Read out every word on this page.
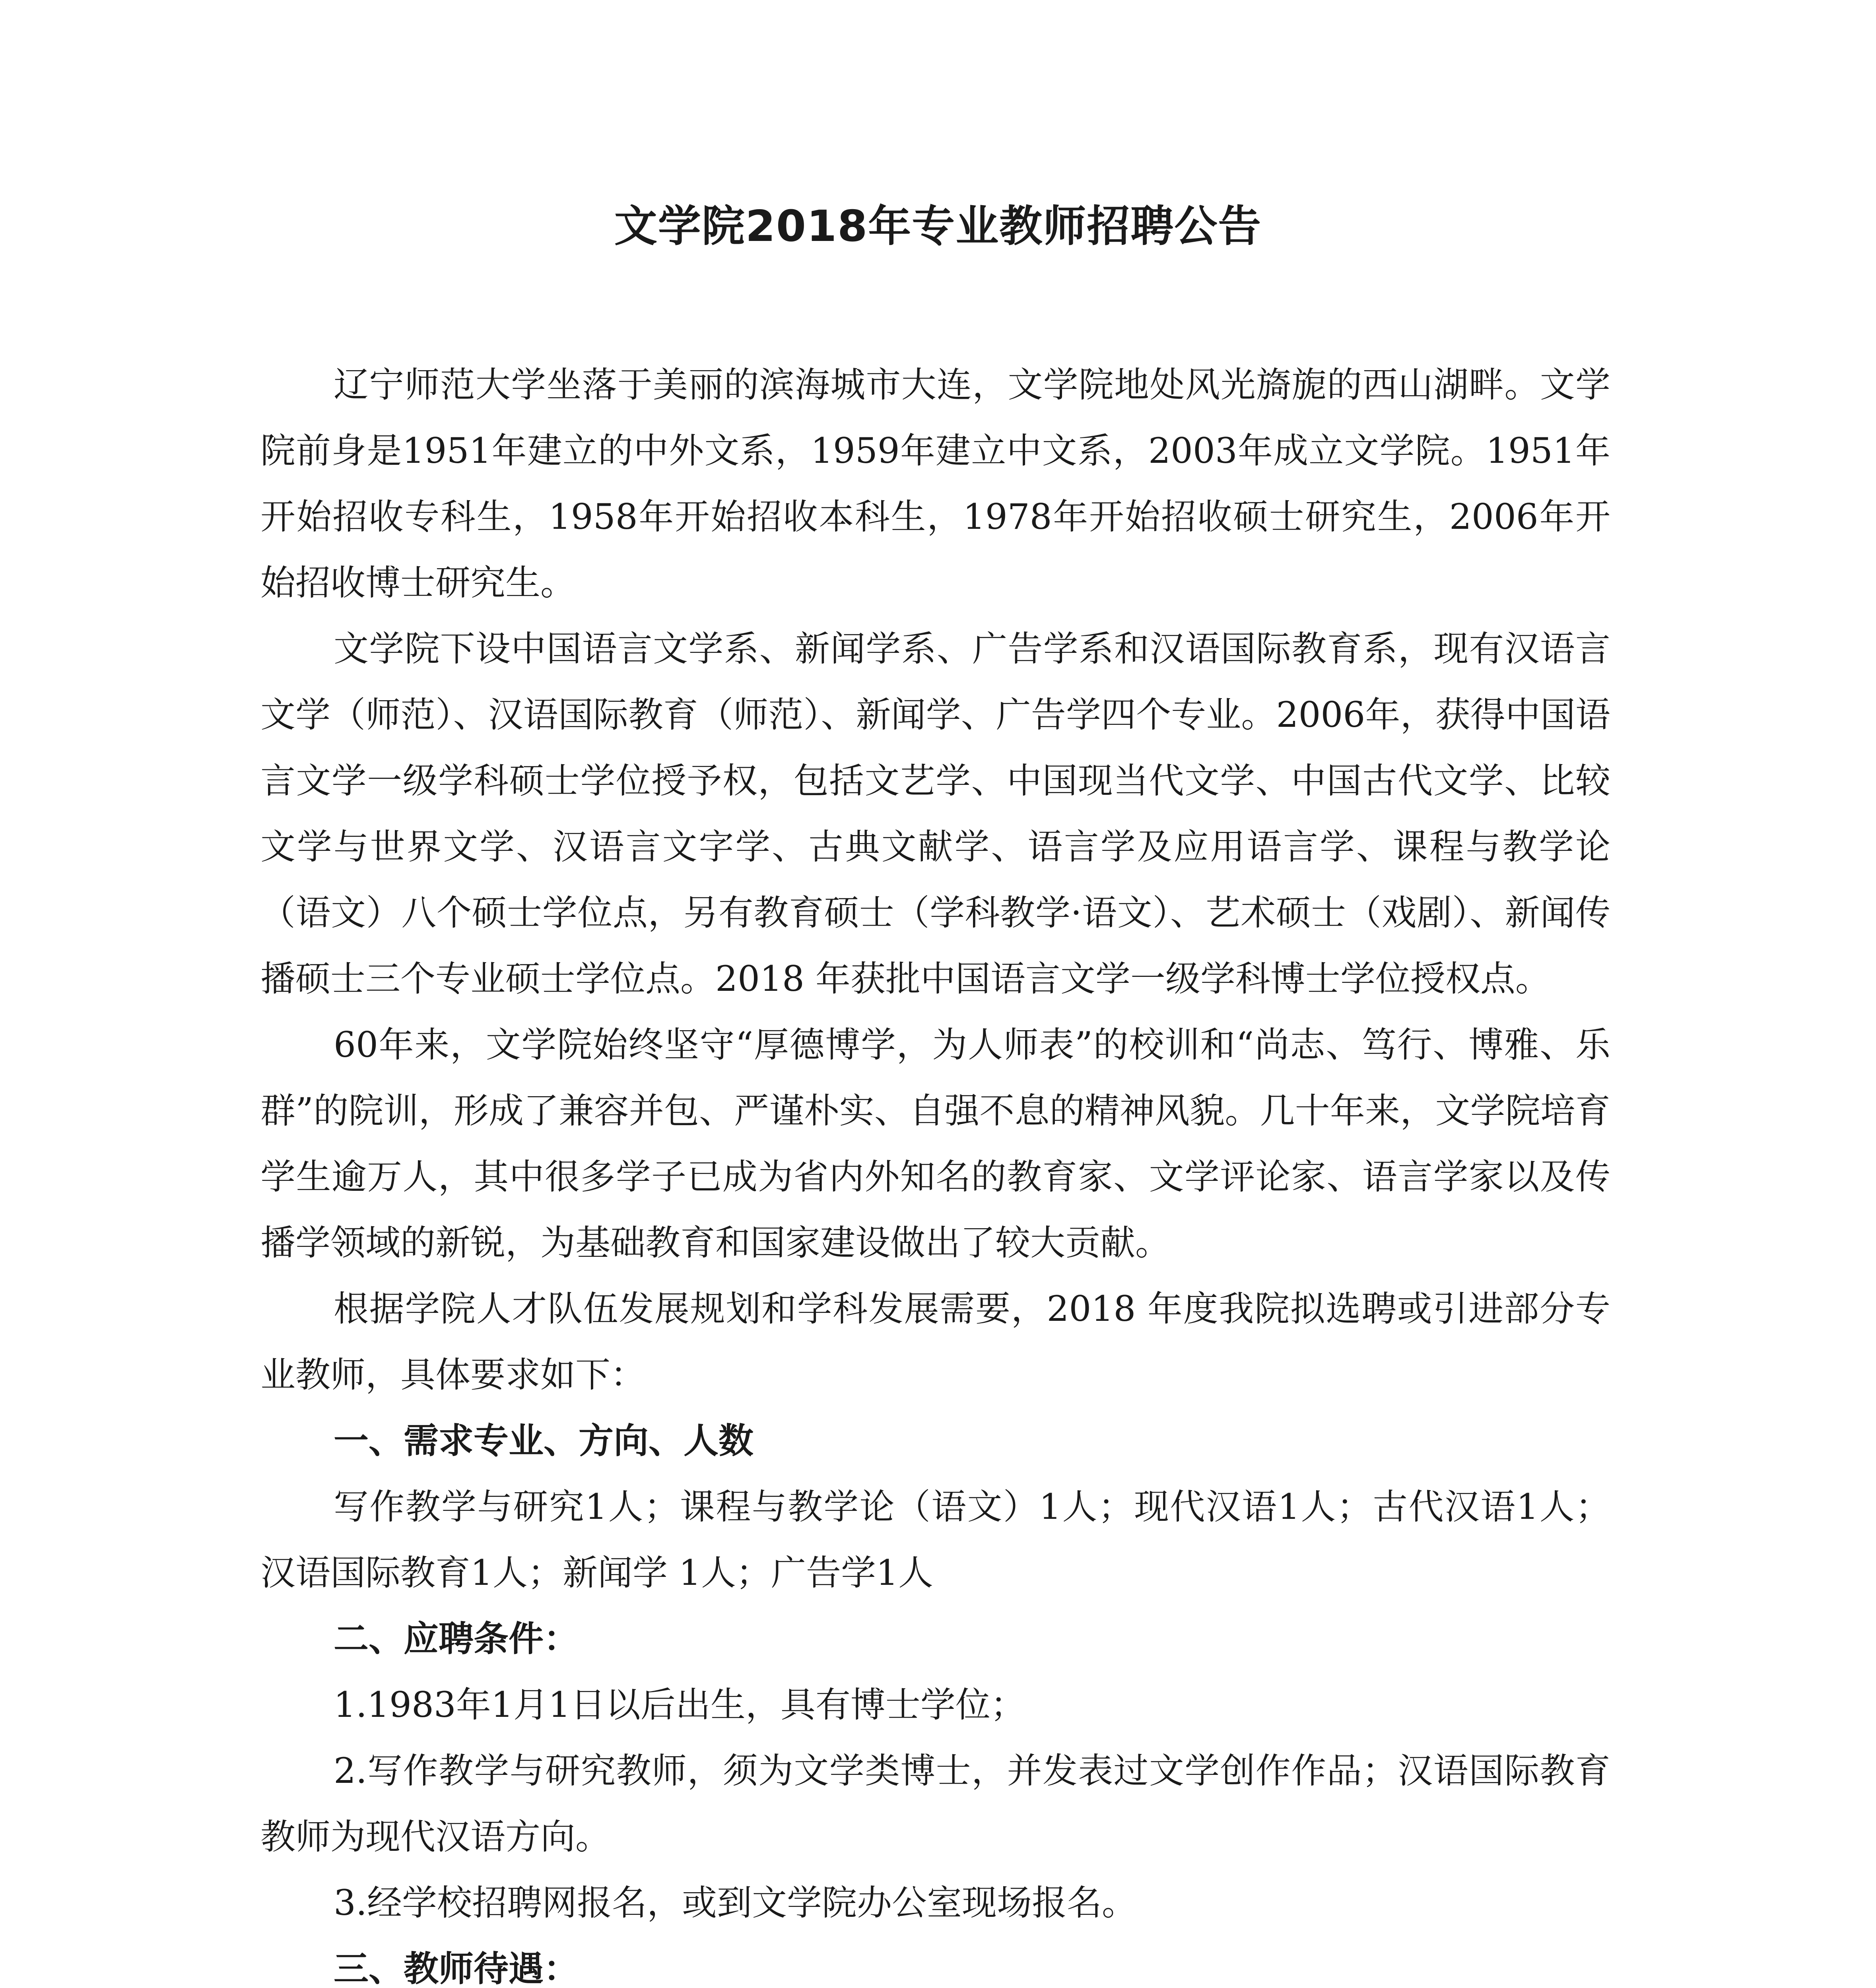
文学院2018年专业教师招聘公告

辽宁师范大学坐落于美丽的滨海城市大连，文学院地处风光旖旎的西山湖畔。文学院前身是1951年建立的中外文系，1959年建立中文系，2003年成立文学院。1951年开始招收专科生，1958年开始招收本科生，1978年开始招收硕士研究生，2006年开始招收博士研究生。

文学院下设中国语言文学系、新闻学系、广告学系和汉语国际教育系，现有汉语言文学（师范）、汉语国际教育（师范）、新闻学、广告学四个专业。2006年，获得中国语言文学一级学科硕士学位授予权，包括文艺学、中国现当代文学、中国古代文学、比较文学与世界文学、汉语言文字学、古典文献学、语言学及应用语言学、课程与教学论（语文）八个硕士学位点，另有教育硕士（学科教学·语文）、艺术硕士（戏剧）、新闻传播硕士三个专业硕士学位点。2018 年获批中国语言文学一级学科博士学位授权点。

60年来，文学院始终坚守“厚德博学，为人师表”的校训和“尚志、笃行、博雅、乐群”的院训，形成了兼容并包、严谨朴实、自强不息的精神风貌。几十年来，文学院培育学生逾万人，其中很多学子已成为省内外知名的教育家、文学评论家、语言学家以及传播学领域的新锐，为基础教育和国家建设做出了较大贡献。

根据学院人才队伍发展规划和学科发展需要，2018 年度我院拟选聘或引进部分专业教师，具体要求如下：

一、需求专业、方向、人数

写作教学与研究1人；课程与教学论（语文）1人；现代汉语1人；古代汉语1人；汉语国际教育1人；新闻学 1人；广告学1人

二、应聘条件：

1.1983年1月1日以后出生，具有博士学位；

2.写作教学与研究教师，须为文学类博士，并发表过文学创作作品；汉语国际教育教师为现代汉语方向。

3.经学校招聘网报名，或到文学院办公室现场报名。

三、教师待遇：
